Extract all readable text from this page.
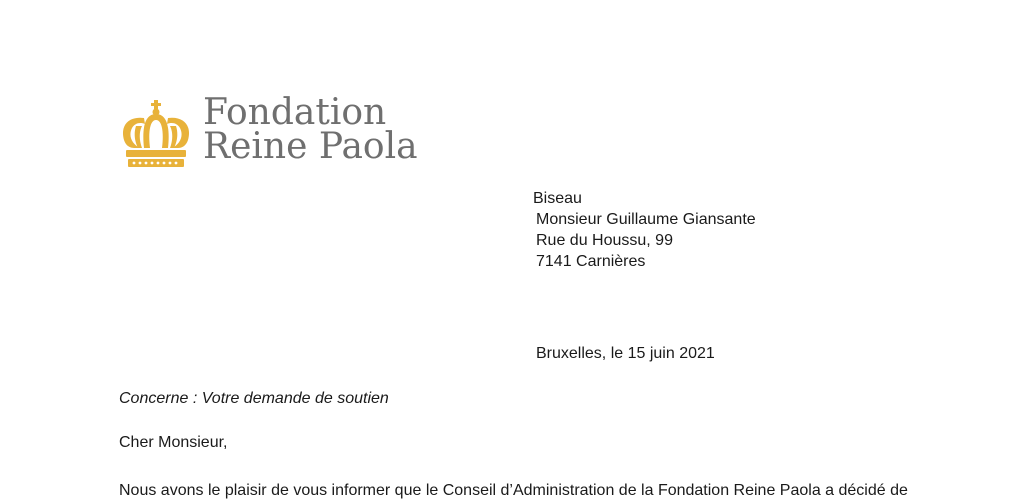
Fondation
Reine Paola
Biseau
Monsieur Guillaume Giansante
Rue du Houssu, 99
7141 Carnières
Bruxelles, le 15 juin 2021
Concerne : Votre demande de soutien
Cher Monsieur,
Nous avons le plaisir de vous informer que le Conseil d’Administration de la Fondation Reine Paola a décidé de
